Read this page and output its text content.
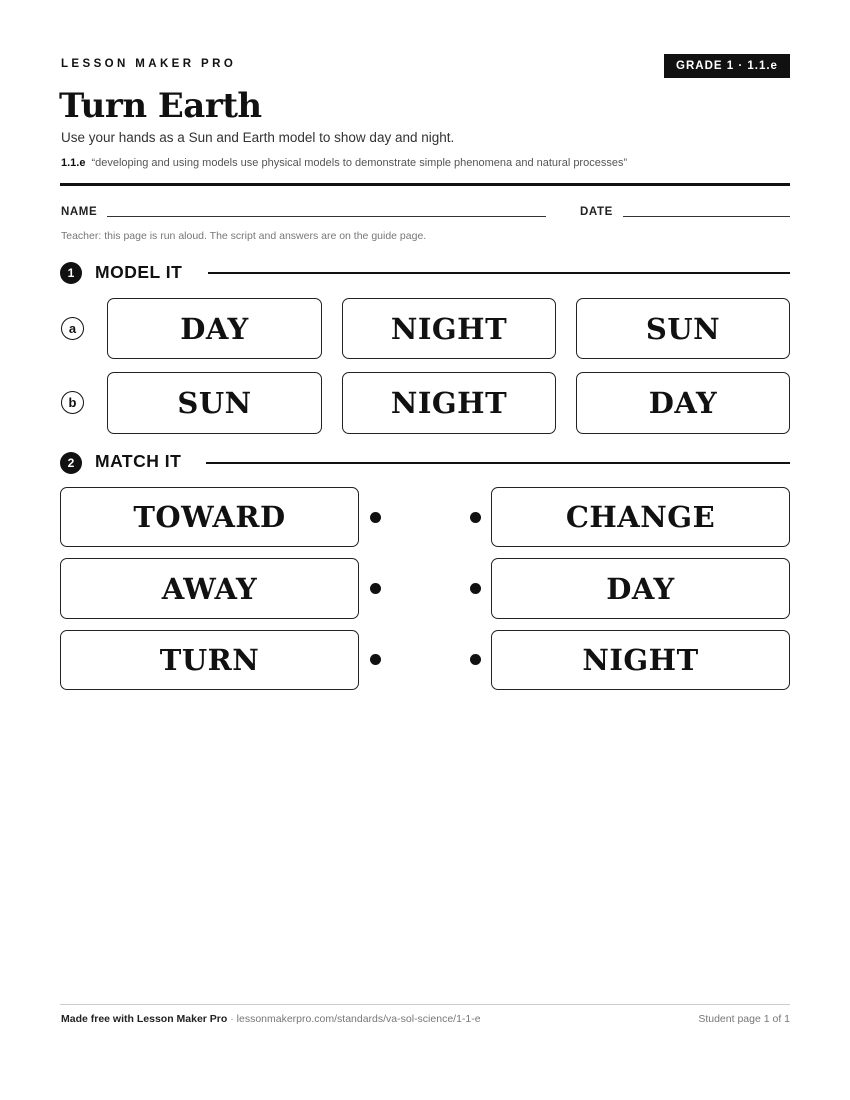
LESSON MAKER PRO	GRADE 1 · 1.1.e
Turn Earth
Use your hands as a Sun and Earth model to show day and night.
1.1.e “developing and using models use physical models to demonstrate simple phenomena and natural processes”
NAME	DATE
Teacher: this page is run aloud. The script and answers are on the guide page.
1	MODEL IT
a	DAY	NIGHT	SUN
b	SUN	NIGHT	DAY
2	MATCH IT
TOWARD	CHANGE
AWAY	DAY
TURN	NIGHT
Made free with Lesson Maker Pro · lessonmakerpro.com/standards/va-sol-science/1-1-e	Student page 1 of 1
